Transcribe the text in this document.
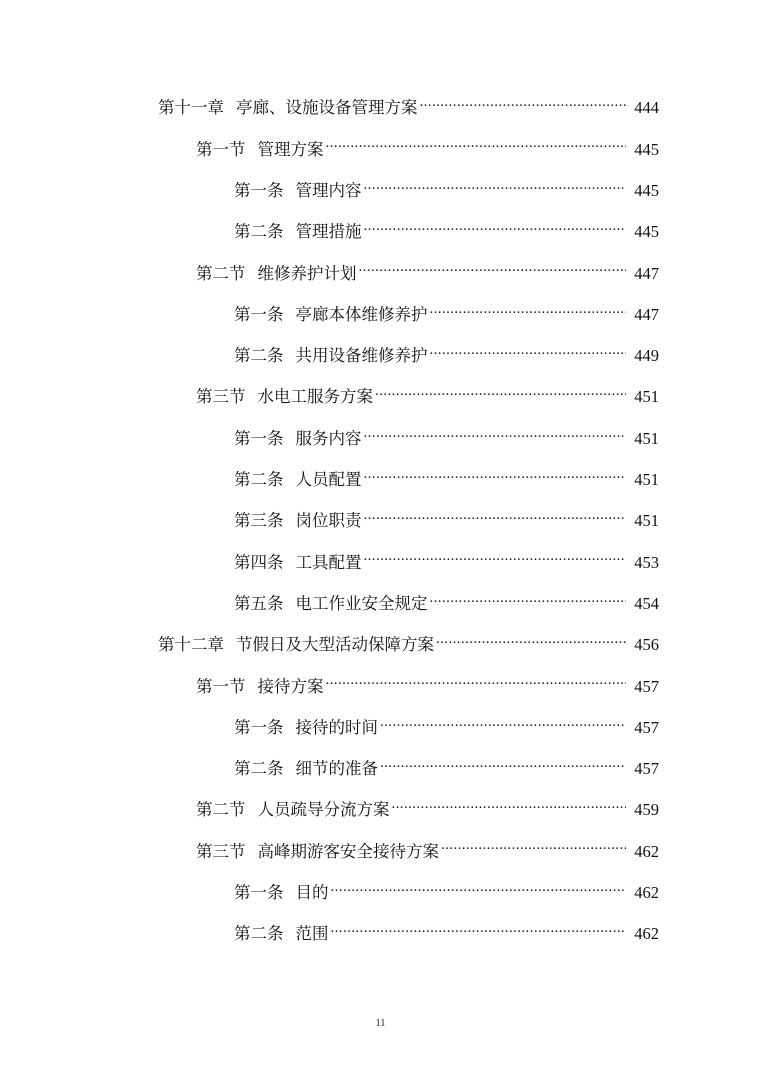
第十一章 亭廊、设施设备管理方案 .....	444
第一节 管理方案 .....	445
第一条 管理内容 .....	445
第二条 管理措施 .....	445
第二节 维修养护计划 .....	447
第一条 亭廊本体维修养护 .....	447
第二条 共用设备维修养护 .....	449
第三节 水电工服务方案 .....	451
第一条 服务内容 .....	451
第二条 人员配置 .....	451
第三条 岗位职责 .....	451
第四条 工具配置 .....	453
第五条 电工作业安全规定 .....	454
第十二章 节假日及大型活动保障方案 .....	456
第一节 接待方案 .....	457
第一条 接待的时间 .....	457
第二条 细节的准备 .....	457
第二节 人员疏导分流方案 .....	459
第三节 高峰期游客安全接待方案 .....	462
第一条 目的 .....	462
第二条 范围 .....	462
11
